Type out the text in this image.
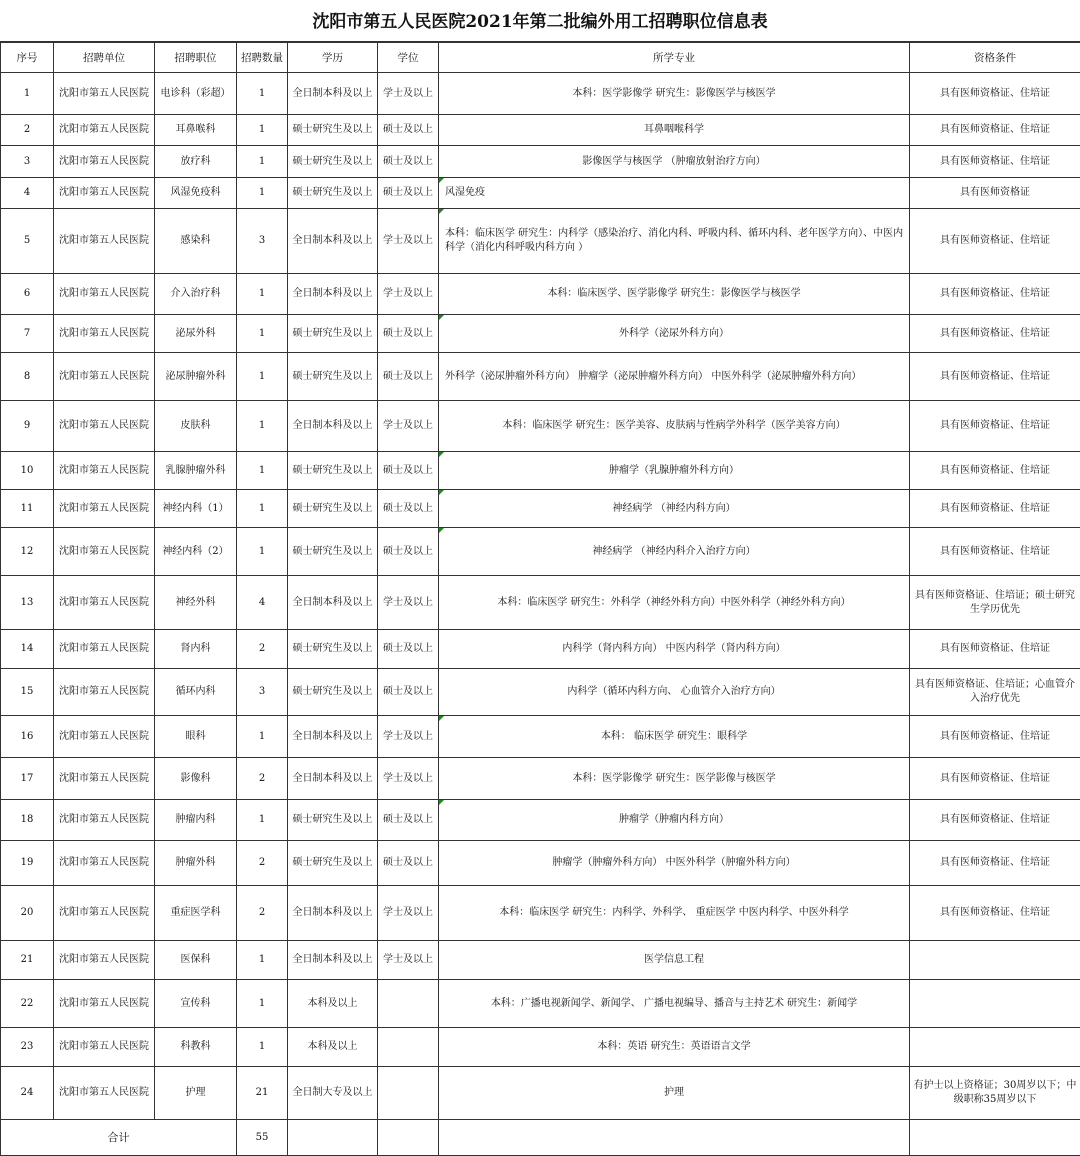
沈阳市第五人民医院2021年第二批编外用工招聘职位信息表
序号	招聘单位	招聘职位	招聘数量	学历	学位	所学专业	资格条件
1	沈阳市第五人民医院	电诊科（彩超）	1	全日制本科及以上	学士及以上	本科：医学影像学 研究生：影像医学与核医学	具有医师资格证、住培证
2	沈阳市第五人民医院	耳鼻喉科	1	硕士研究生及以上	硕士及以上	耳鼻咽喉科学	具有医师资格证、住培证
3	沈阳市第五人民医院	放疗科	1	硕士研究生及以上	硕士及以上	影像医学与核医学 （肿瘤放射治疗方向）	具有医师资格证、住培证
4	沈阳市第五人民医院	风湿免疫科	1	硕士研究生及以上	硕士及以上	风湿免疫	具有医师资格证
5	沈阳市第五人民医院	感染科	3	全日制本科及以上	学士及以上	本科：临床医学 研究生：内科学（感染治疗、消化内科、呼吸内科、循环内科、老年医学方向）、中医内科学（消化内科呼吸内科方向 ）	具有医师资格证、住培证
6	沈阳市第五人民医院	介入治疗科	1	全日制本科及以上	学士及以上	本科：临床医学、医学影像学 研究生：影像医学与核医学	具有医师资格证、住培证
7	沈阳市第五人民医院	泌尿外科	1	硕士研究生及以上	硕士及以上	外科学（泌尿外科方向）	具有医师资格证、住培证
8	沈阳市第五人民医院	泌尿肿瘤外科	1	硕士研究生及以上	硕士及以上	外科学（泌尿肿瘤外科方向） 肿瘤学（泌尿肿瘤外科方向） 中医外科学（泌尿肿瘤外科方向）	具有医师资格证、住培证
9	沈阳市第五人民医院	皮肤科	1	全日制本科及以上	学士及以上	本科：临床医学 研究生：医学美容、皮肤病与性病学外科学（医学美容方向）	具有医师资格证、住培证
10	沈阳市第五人民医院	乳腺肿瘤外科	1	硕士研究生及以上	硕士及以上	肿瘤学（乳腺肿瘤外科方向）	具有医师资格证、住培证
11	沈阳市第五人民医院	神经内科（1）	1	硕士研究生及以上	硕士及以上	神经病学 （神经内科方向）	具有医师资格证、住培证
12	沈阳市第五人民医院	神经内科（2）	1	硕士研究生及以上	硕士及以上	神经病学 （神经内科介入治疗方向）	具有医师资格证、住培证
13	沈阳市第五人民医院	神经外科	4	全日制本科及以上	学士及以上	本科：临床医学 研究生：外科学（神经外科方向）中医外科学（神经外科方向）	具有医师资格证、住培证；硕士研究生学历优先
14	沈阳市第五人民医院	肾内科	2	硕士研究生及以上	硕士及以上	内科学（肾内科方向） 中医内科学（肾内科方向）	具有医师资格证、住培证
15	沈阳市第五人民医院	循环内科	3	硕士研究生及以上	硕士及以上	内科学（循环内科方向、 心血管介入治疗方向）	具有医师资格证、住培证；心血管介入治疗优先
16	沈阳市第五人民医院	眼科	1	全日制本科及以上	学士及以上	本科： 临床医学 研究生：眼科学	具有医师资格证、住培证
17	沈阳市第五人民医院	影像科	2	全日制本科及以上	学士及以上	本科：医学影像学 研究生：医学影像与核医学	具有医师资格证、住培证
18	沈阳市第五人民医院	肿瘤内科	1	硕士研究生及以上	硕士及以上	肿瘤学（肿瘤内科方向）	具有医师资格证、住培证
19	沈阳市第五人民医院	肿瘤外科	2	硕士研究生及以上	硕士及以上	肿瘤学（肿瘤外科方向） 中医外科学（肿瘤外科方向）	具有医师资格证、住培证
20	沈阳市第五人民医院	重症医学科	2	全日制本科及以上	学士及以上	本科：临床医学 研究生：内科学、外科学、 重症医学 中医内科学、中医外科学	具有医师资格证、住培证
21	沈阳市第五人民医院	医保科	1	全日制本科及以上	学士及以上	医学信息工程	
22	沈阳市第五人民医院	宣传科	1	本科及以上		本科：广播电视新闻学、新闻学、 广播电视编导、播音与主持艺术 研究生：新闻学	
23	沈阳市第五人民医院	科教科	1	本科及以上		本科：英语 研究生：英语语言文学	
24	沈阳市第五人民医院	护理	21	全日制大专及以上		护理	有护士以上资格证；30周岁以下；中级职称35周岁以下
合计			55				
